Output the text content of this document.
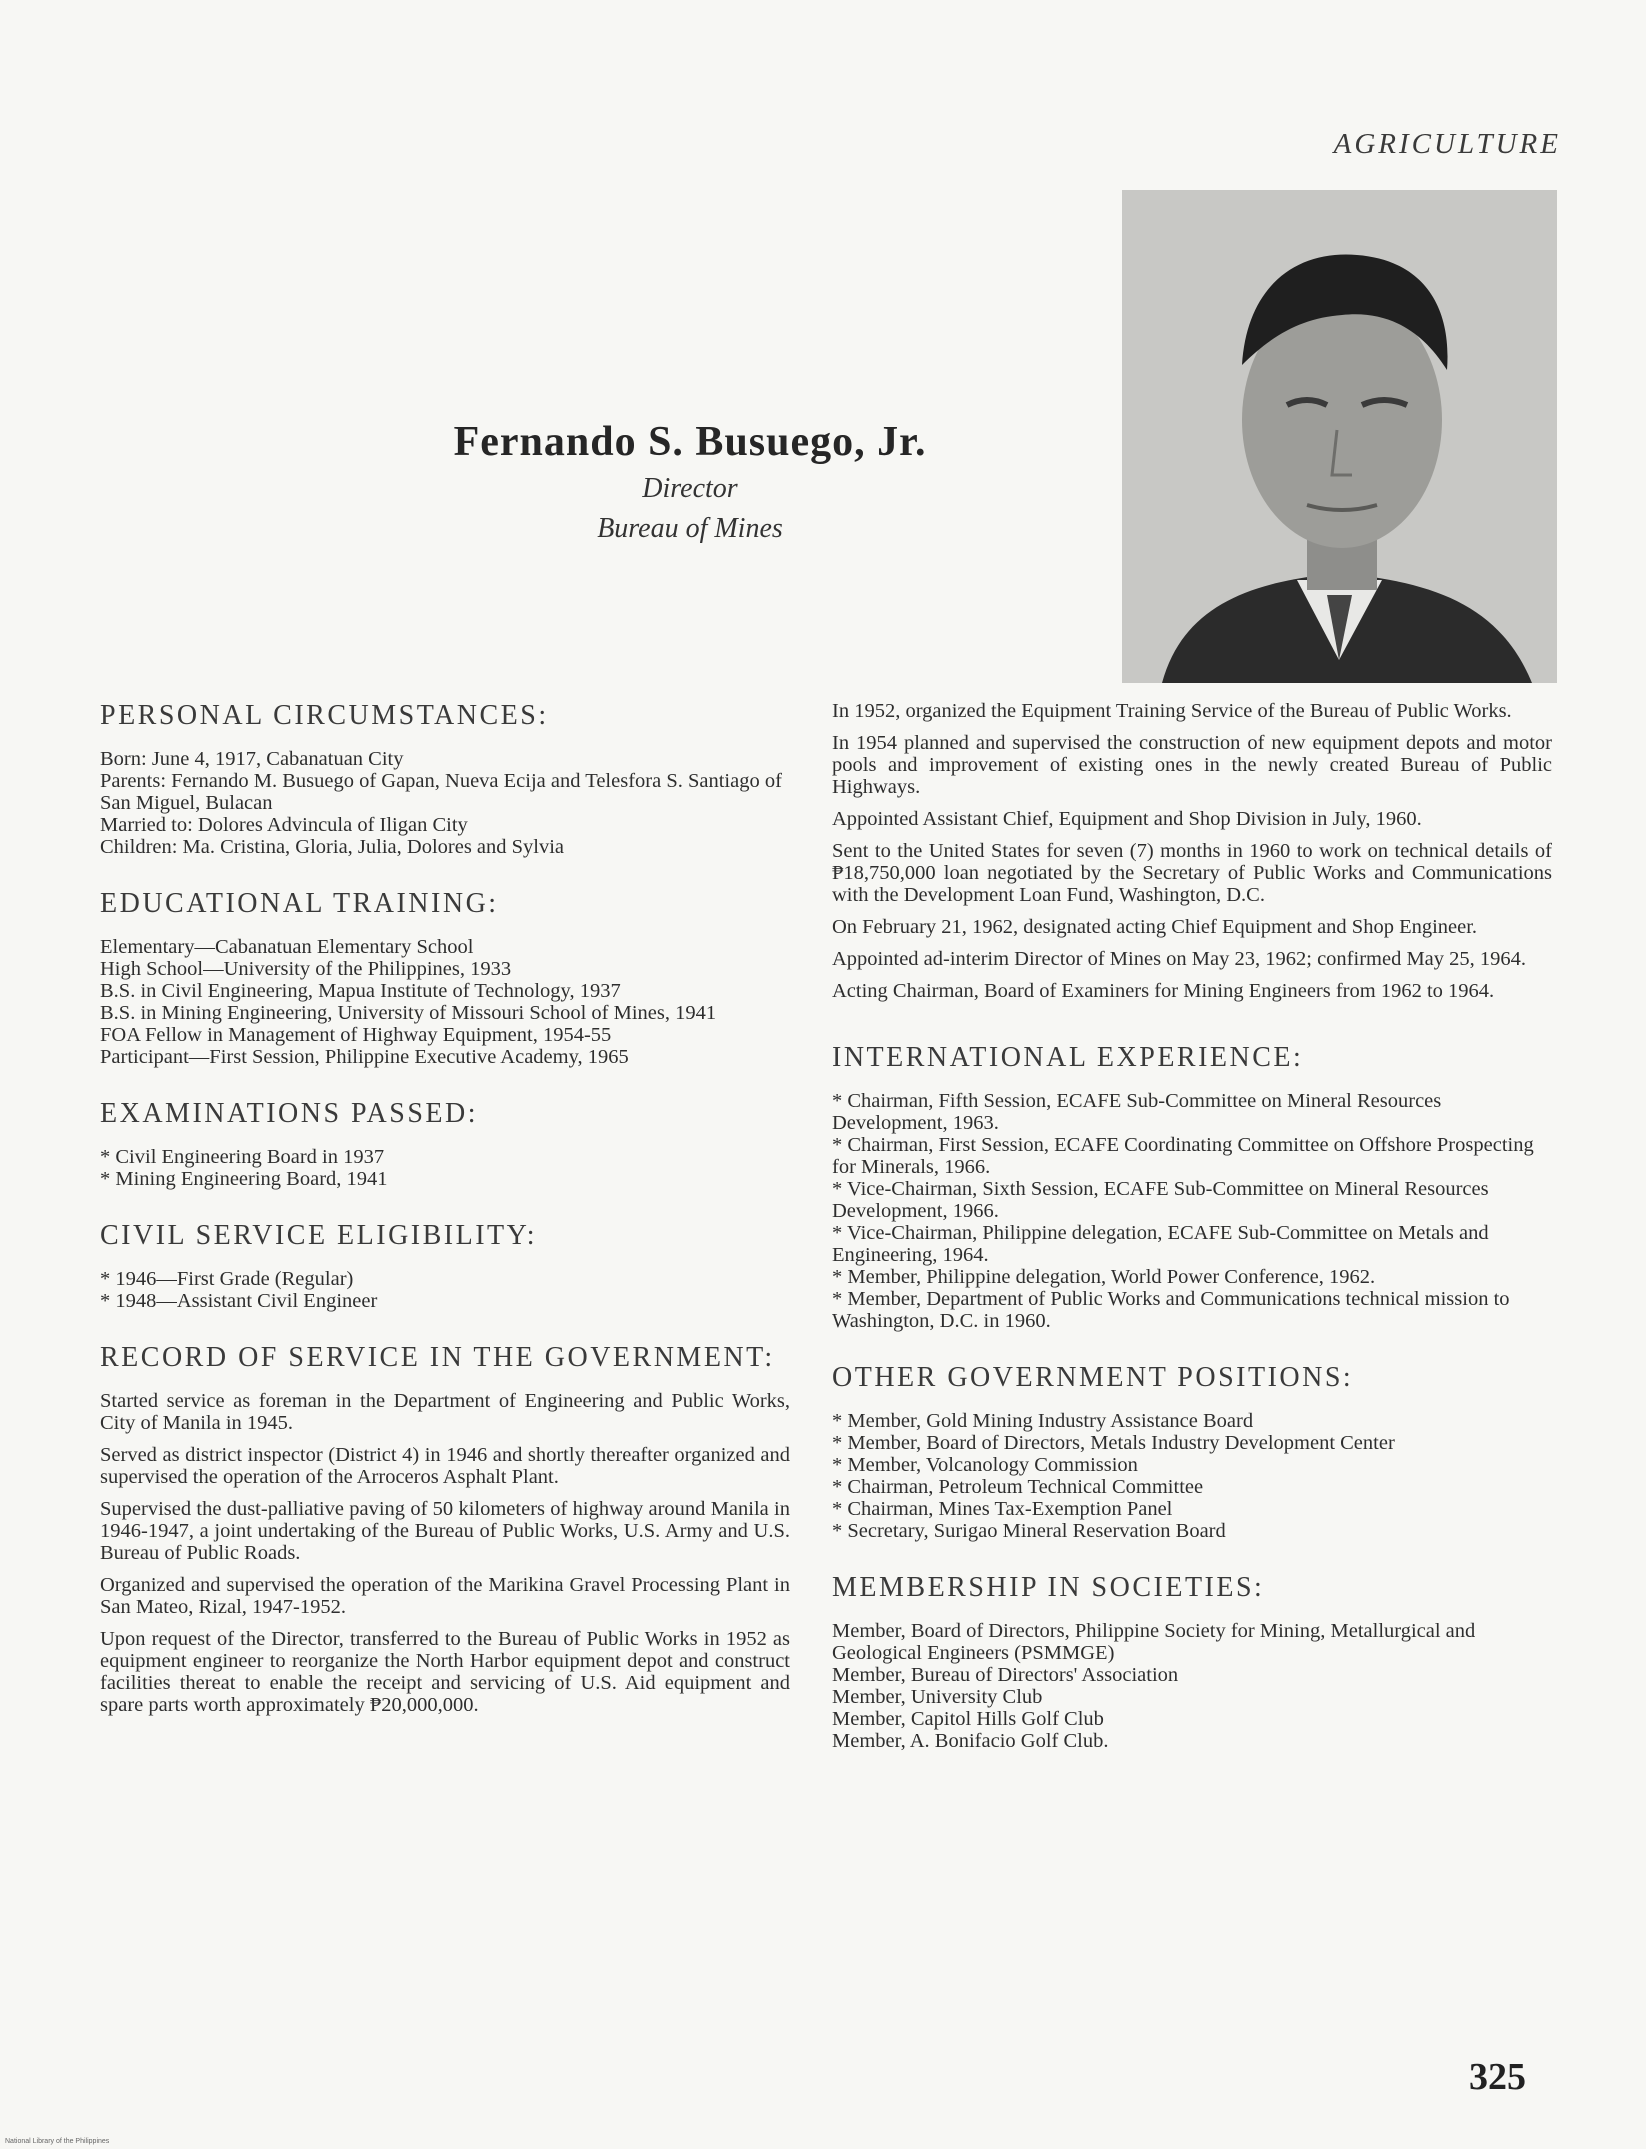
AGRICULTURE
Fernando S. Busuego, Jr.
Director
Bureau of Mines
PERSONAL CIRCUMSTANCES:

Born: June 4, 1917, Cabanatuan City

Parents: Fernando M. Busuego of Gapan, Nueva Ecija and Telesfora S. Santiago of San Miguel, Bulacan

Married to: Dolores Advincula of Iligan City

Children: Ma. Cristina, Gloria, Julia, Dolores and Sylvia

EDUCATIONAL TRAINING:

Elementary—Cabanatuan Elementary School

High School—University of the Philippines, 1933

B.S. in Civil Engineering, Mapua Institute of Technology, 1937

B.S. in Mining Engineering, University of Missouri School of Mines, 1941

FOA Fellow in Management of Highway Equipment, 1954-55

Participant—First Session, Philippine Executive Academy, 1965

EXAMINATIONS PASSED:

* Civil Engineering Board in 1937

* Mining Engineering Board, 1941

CIVIL SERVICE ELIGIBILITY:

* 1946—First Grade (Regular)

* 1948—Assistant Civil Engineer

RECORD OF SERVICE IN THE GOVERNMENT:

Started service as foreman in the Department of Engineering and Public Works, City of Manila in 1945.

Served as district inspector (District 4) in 1946 and shortly thereafter organized and supervised the operation of the Arroceros Asphalt Plant.

Supervised the dust-palliative paving of 50 kilometers of highway around Manila in 1946-1947, a joint undertaking of the Bureau of Public Works, U.S. Army and U.S. Bureau of Public Roads.

Organized and supervised the operation of the Marikina Gravel Processing Plant in San Mateo, Rizal, 1947-1952.

Upon request of the Director, transferred to the Bureau of Public Works in 1952 as equipment engineer to reorganize the North Harbor equipment depot and construct facilities thereat to enable the receipt and servicing of U.S. Aid equipment and spare parts worth approximately ₱20,000,000.

In 1952, organized the Equipment Training Service of the Bureau of Public Works.

In 1954 planned and supervised the construction of new equipment depots and motor pools and improvement of existing ones in the newly created Bureau of Public Highways.

Appointed Assistant Chief, Equipment and Shop Division in July, 1960.

Sent to the United States for seven (7) months in 1960 to work on technical details of ₱18,750,000 loan negotiated by the Secretary of Public Works and Communications with the Development Loan Fund, Washington, D.C.

On February 21, 1962, designated acting Chief Equipment and Shop Engineer.

Appointed ad-interim Director of Mines on May 23, 1962; confirmed May 25, 1964.

Acting Chairman, Board of Examiners for Mining Engineers from 1962 to 1964.

INTERNATIONAL EXPERIENCE:

* Chairman, Fifth Session, ECAFE Sub-Committee on Mineral Resources Development, 1963.

* Chairman, First Session, ECAFE Coordinating Committee on Offshore Prospecting for Minerals, 1966.

* Vice-Chairman, Sixth Session, ECAFE Sub-Committee on Mineral Resources Development, 1966.

* Vice-Chairman, Philippine delegation, ECAFE Sub-Committee on Metals and Engineering, 1964.

* Member, Philippine delegation, World Power Conference, 1962.

* Member, Department of Public Works and Communications technical mission to Washington, D.C. in 1960.

OTHER GOVERNMENT POSITIONS:

* Member, Gold Mining Industry Assistance Board

* Member, Board of Directors, Metals Industry Development Center

* Member, Volcanology Commission

* Chairman, Petroleum Technical Committee

* Chairman, Mines Tax-Exemption Panel

* Secretary, Surigao Mineral Reservation Board

MEMBERSHIP IN SOCIETIES:

Member, Board of Directors, Philippine Society for Mining, Metallurgical and Geological Engineers (PSMMGE)

Member, Bureau of Directors' Association

Member, University Club

Member, Capitol Hills Golf Club

Member, A. Bonifacio Golf Club.

325
National Library of the Philippines
